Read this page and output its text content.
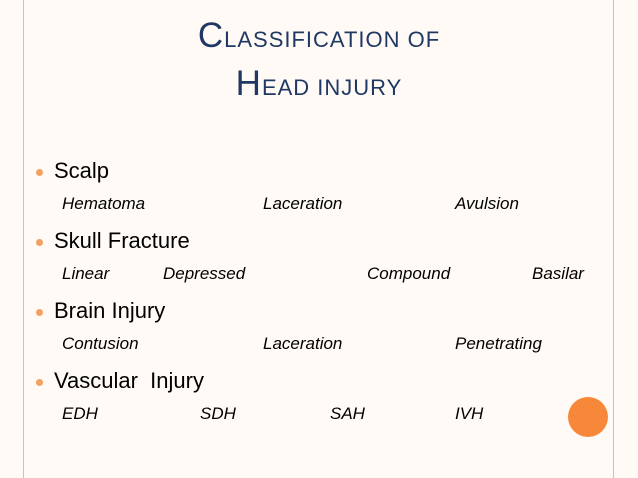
CLASSIFICATION OF
HEAD INJURY
Scalp
Hematoma	Laceration	Avulsion
Skull Fracture
Linear	Depressed	Compound	Basilar
Brain Injury
Contusion	Laceration	Penetrating
Vascular  Injury
EDH	SDH	SAH	IVH
